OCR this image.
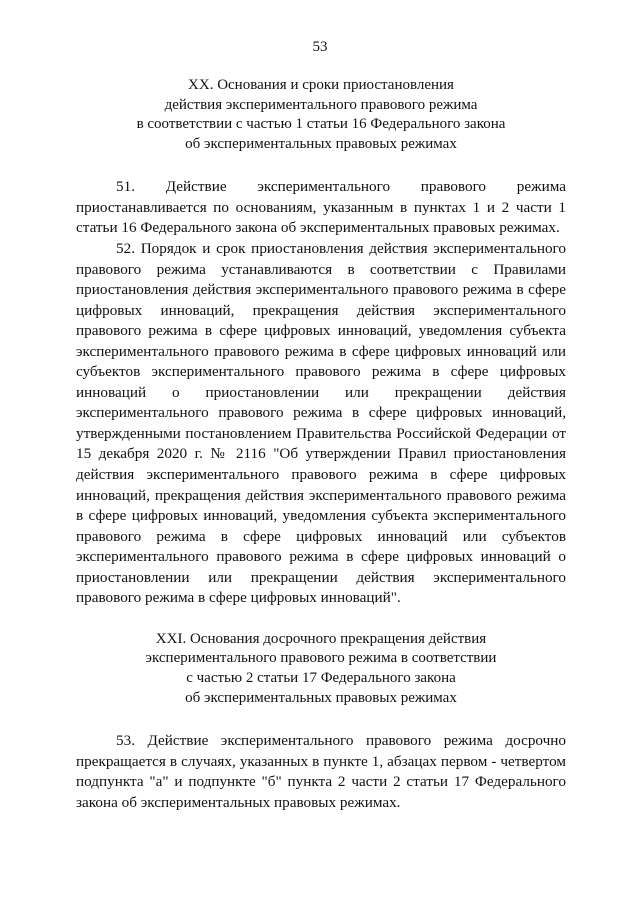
53
XX. Основания и сроки приостановления
действия экспериментального правового режима
в соответствии с частью 1 статьи 16 Федерального закона
об экспериментальных правовых режимах

51. Действие экспериментального правового режима приостанавливается по основаниям, указанным в пунктах 1 и 2 части 1 статьи 16 Федерального закона об экспериментальных правовых режимах.

52. Порядок и срок приостановления действия экспериментального правового режима устанавливаются в соответствии с Правилами приостановления действия экспериментального правового режима в сфере цифровых инноваций, прекращения действия экспериментального правового режима в сфере цифровых инноваций, уведомления субъекта экспериментального правового режима в сфере цифровых инноваций или субъектов экспериментального правового режима в сфере цифровых инноваций о приостановлении или прекращении действия экспериментального правового режима в сфере цифровых инноваций, утвержденными постановлением Правительства Российской Федерации от 15 декабря 2020 г. № 2116 "Об утверждении Правил приостановления действия экспериментального правового режима в сфере цифровых инноваций, прекращения действия экспериментального правового режима в сфере цифровых инноваций, уведомления субъекта экспериментального правового режима в сфере цифровых инноваций или субъектов экспериментального правового режима в сфере цифровых инноваций о приостановлении или прекращении действия экспериментального правового режима в сфере цифровых инноваций".

XXI. Основания досрочного прекращения действия
экспериментального правового режима в соответствии
с частью 2 статьи 17 Федерального закона
об экспериментальных правовых режимах

53. Действие экспериментального правового режима досрочно прекращается в случаях, указанных в пункте 1, абзацах первом - четвертом подпункта "а" и подпункте "б" пункта 2 части 2 статьи 17 Федерального закона об экспериментальных правовых режимах.
